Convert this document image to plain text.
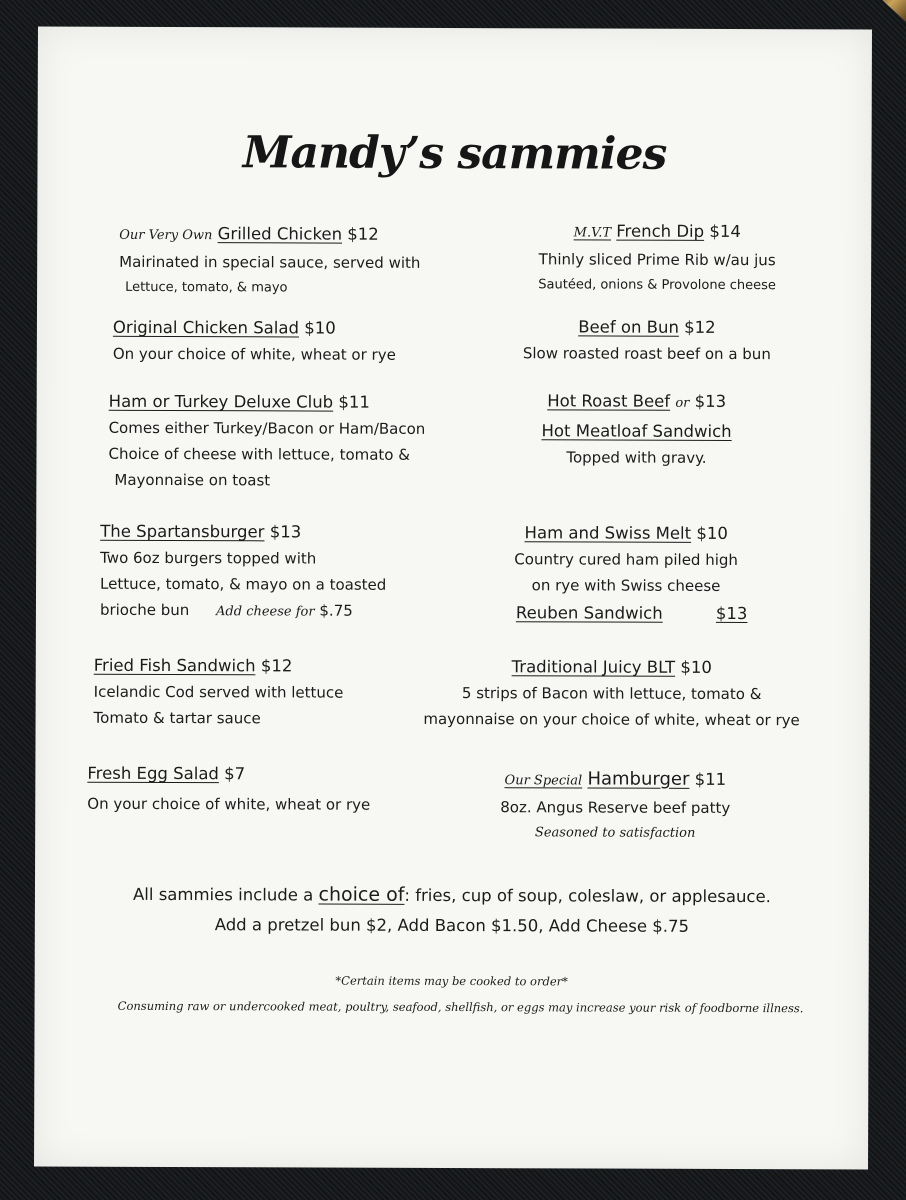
Mandy’s sammies
Our Very Own Grilled Chicken $12
Mairinated in special sauce, served with
Lettuce, tomato, & mayo
Original Chicken Salad $10
On your choice of white, wheat or rye
Ham or Turkey Deluxe Club $11
Comes either Turkey/Bacon or Ham/Bacon
Choice of cheese with lettuce, tomato &
Mayonnaise on toast
The Spartansburger $13
Two 6oz burgers topped with
Lettuce, tomato, & mayo on a toasted
brioche bun Add cheese for $.75
Fried Fish Sandwich $12
Icelandic Cod served with lettuce
Tomato & tartar sauce
Fresh Egg Salad $7
On your choice of white, wheat or rye
M.V.T French Dip $14
Thinly sliced Prime Rib w/au jus
Sautéed, onions & Provolone cheese
Beef on Bun $12
Slow roasted roast beef on a bun
Hot Roast Beef or $13
Hot Meatloaf Sandwich
Topped with gravy.
Ham and Swiss Melt $10
Country cured ham piled high
on rye with Swiss cheese
Reuben Sandwich	$13
Traditional Juicy BLT $10
5 strips of Bacon with lettuce, tomato &
mayonnaise on your choice of white, wheat or rye
Our Special Hamburger $11
8oz. Angus Reserve beef patty
Seasoned to satisfaction
All sammies include a choice of: fries, cup of soup, coleslaw, or applesauce.
Add a pretzel bun $2, Add Bacon $1.50, Add Cheese $.75
*Certain items may be cooked to order*
Consuming raw or undercooked meat, poultry, seafood, shellfish, or eggs may increase your risk of foodborne illness.
